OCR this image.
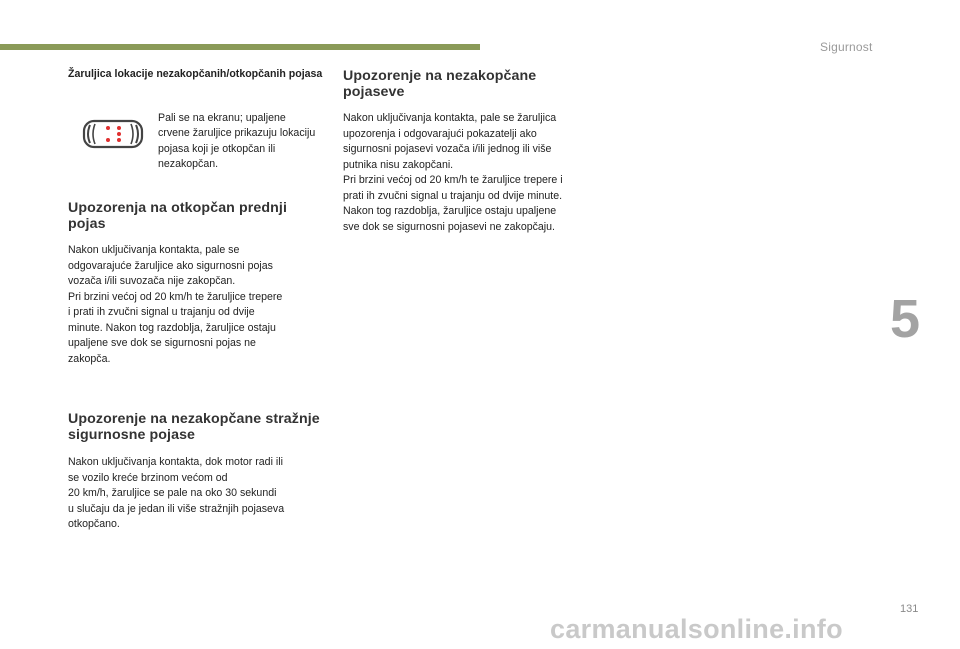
Sigurnost
Žaruljica lokacije nezakopčanih/otkopčanih pojasa
Pali se na ekranu; upaljene crvene žaruljice prikazuju lokaciju pojasa koji je otkopčan ili nezakopčan.
Upozorenja na otkopčan prednji pojas

Nakon uključivanja kontakta, pale se
odgovarajuće žaruljice ako sigurnosni pojas
vozača i/ili suvozača nije zakopčan.
Pri brzini većoj od 20 km/h te žaruljice trepere
i prati ih zvučni signal u trajanju od dvije
minute. Nakon tog razdoblja, žaruljice ostaju
upaljene sve dok se sigurnosni pojas ne
zakopča.

Upozorenje na nezakopčane stražnje sigurnosne pojase

Nakon uključivanja kontakta, dok motor radi ili
se vozilo kreće brzinom većom od
20 km/h, žaruljice se pale na oko 30 sekundi
u slučaju da je jedan ili više stražnjih pojaseva
otkopčano.

Upozorenje na nezakopčane pojaseve

Nakon uključivanja kontakta, pale se žaruljica
upozorenja i odgovarajući pokazatelji ako
sigurnosni pojasevi vozača i/ili jednog ili više
putnika nisu zakopčani.
Pri brzini većoj od 20 km/h te žaruljice trepere i
prati ih zvučni signal u trajanju od dvije minute.
Nakon tog razdoblja, žaruljice ostaju upaljene
sve dok se sigurnosni pojasevi ne zakopčaju.

5
131
carmanualsonline.info
